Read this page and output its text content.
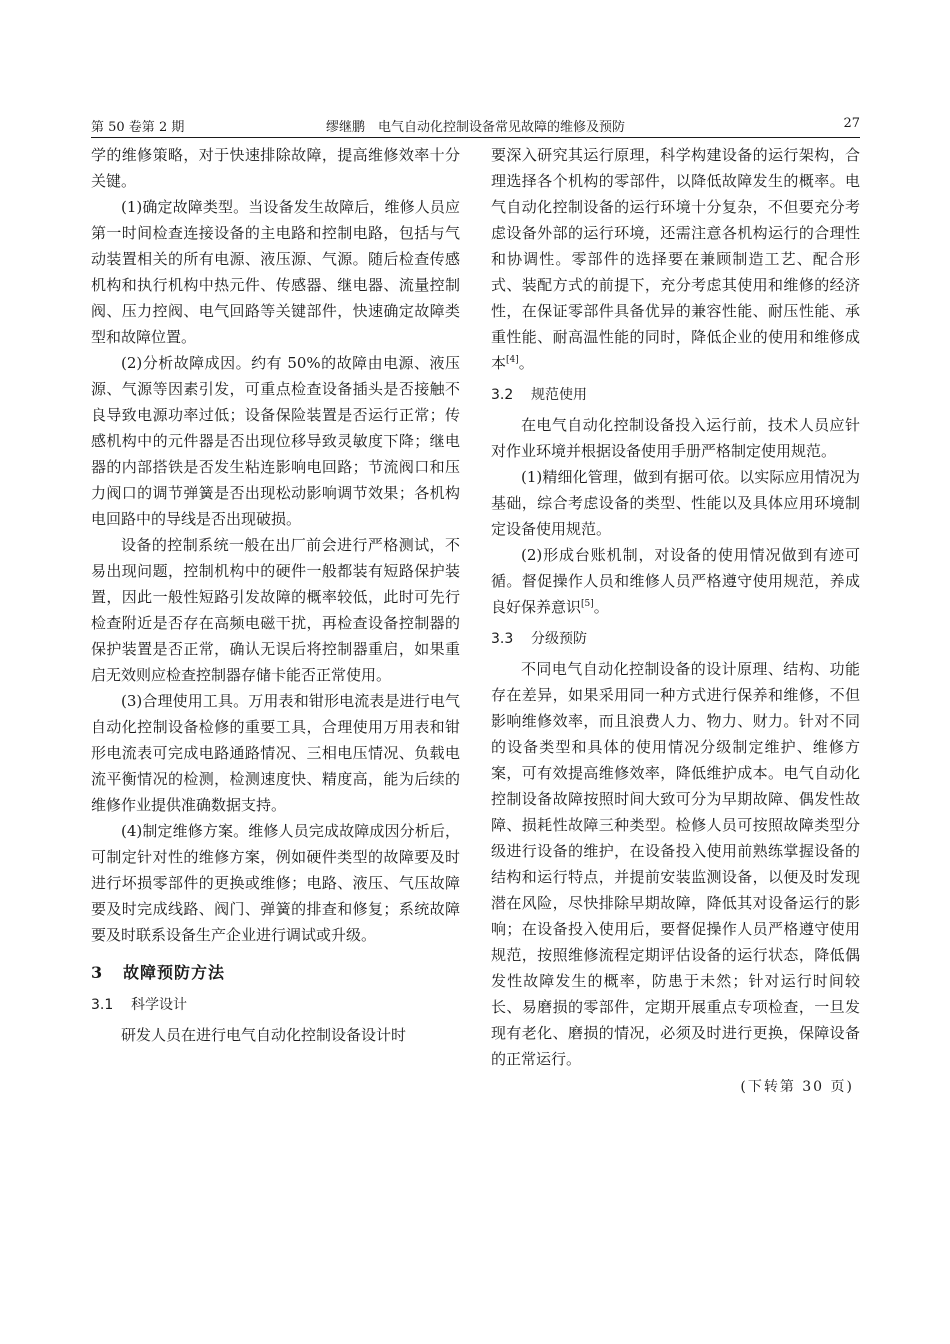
第 50 卷第 2 期	缪继鹏　电气自动化控制设备常见故障的维修及预防	27

学的维修策略，对于快速排除故障，提高维修效率十分关键。

(1)确定故障类型。当设备发生故障后，维修人员应第一时间检查连接设备的主电路和控制电路，包括与气动装置相关的所有电源、液压源、气源。随后检查传感机构和执行机构中热元件、传感器、继电器、流量控制阀、压力控阀、电气回路等关键部件，快速确定故障类型和故障位置。

(2)分析故障成因。约有 50%的故障由电源、液压源、气源等因素引发，可重点检查设备插头是否接触不良导致电源功率过低；设备保险装置是否运行正常；传感机构中的元件器是否出现位移导致灵敏度下降；继电器的内部搭铁是否发生粘连影响电回路；节流阀口和压力阀口的调节弹簧是否出现松动影响调节效果；各机构电回路中的导线是否出现破损。

设备的控制系统一般在出厂前会进行严格测试，不易出现问题，控制机构中的硬件一般都装有短路保护装置，因此一般性短路引发故障的概率较低，此时可先行检查附近是否存在高频电磁干扰，再检查设备控制器的保护装置是否正常，确认无误后将控制器重启，如果重启无效则应检查控制器存储卡能否正常使用。

(3)合理使用工具。万用表和钳形电流表是进行电气自动化控制设备检修的重要工具，合理使用万用表和钳形电流表可完成电路通路情况、三相电压情况、负载电流平衡情况的检测，检测速度快、精度高，能为后续的维修作业提供准确数据支持。

(4)制定维修方案。维修人员完成故障成因分析后，可制定针对性的维修方案，例如硬件类型的故障要及时进行坏损零部件的更换或维修；电路、液压、气压故障要及时完成线路、阀门、弹簧的排查和修复；系统故障要及时联系设备生产企业进行调试或升级。

3 故障预防方法

3.1 科学设计

研发人员在进行电气自动化控制设备设计时

要深入研究其运行原理，科学构建设备的运行架构，合理选择各个机构的零部件，以降低故障发生的概率。电气自动化控制设备的运行环境十分复杂，不但要充分考虑设备外部的运行环境，还需注意各机构运行的合理性和协调性。零部件的选择要在兼顾制造工艺、配合形式、装配方式的前提下，充分考虑其使用和维修的经济性，在保证零部件具备优异的兼容性能、耐压性能、承重性能、耐高温性能的同时，降低企业的使用和维修成本[4]。

3.2 规范使用

在电气自动化控制设备投入运行前，技术人员应针对作业环境并根据设备使用手册严格制定使用规范。

(1)精细化管理，做到有据可依。以实际应用情况为基础，综合考虑设备的类型、性能以及具体应用环境制定设备使用规范。

(2)形成台账机制，对设备的使用情况做到有迹可循。督促操作人员和维修人员严格遵守使用规范，养成良好保养意识[5]。

3.3 分级预防

不同电气自动化控制设备的设计原理、结构、功能存在差异，如果采用同一种方式进行保养和维修，不但影响维修效率，而且浪费人力、物力、财力。针对不同的设备类型和具体的使用情况分级制定维护、维修方案，可有效提高维修效率，降低维护成本。电气自动化控制设备故障按照时间大致可分为早期故障、偶发性故障、损耗性故障三种类型。检修人员可按照故障类型分级进行设备的维护，在设备投入使用前熟练掌握设备的结构和运行特点，并提前安装监测设备，以便及时发现潜在风险，尽快排除早期故障，降低其对设备运行的影响；在设备投入使用后，要督促操作人员严格遵守使用规范，按照维修流程定期评估设备的运行状态，降低偶发性故障发生的概率，防患于未然；针对运行时间较长、易磨损的零部件，定期开展重点专项检查，一旦发现有老化、磨损的情况，必须及时进行更换，保障设备的正常运行。

(下转第 30 页)
